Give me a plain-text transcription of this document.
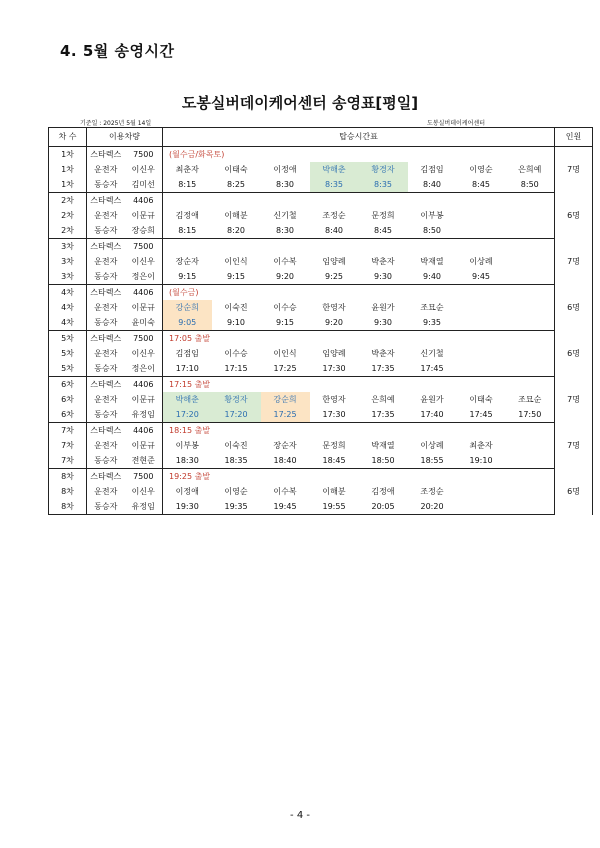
4. 5월 송영시간
도봉실버데이케어센터 송영표[평일]
기준일 : 2025년 5월 14일	도봉실버데이케어센터
차 수	이용차량		탑승시간표								인원
1차	스타렉스	7500	(월수금/화목토)								7명
1차	운전자	이신우	최춘자	이태숙	이정애	박해춘	황경자	김점임	이영순	은희예	
1차	동승자	김미선	8:15	8:25	8:30	8:35	8:35	8:40	8:45	8:50	
2차	스타렉스	4406									6명
2차	운전자	이문규	김정애	이해분	신기철	조정순	문정희	이부봉			
2차	동승자	장승희	8:15	8:20	8:30	8:40	8:45	8:50			
3차	스타렉스	7500									7명
3차	운전자	이신우	장순자	이인식	이수복	임양례	박춘자	박재열	이상례		
3차	동승자	정은이	9:15	9:15	9:20	9:25	9:30	9:40	9:45		
4차	스타렉스	4406	(월수금)								6명
4차	운전자	이문규	강순희	이숙진	이수승	한영자	윤원가	조묘순			
4차	동승자	윤미숙	9:05	9:10	9:15	9:20	9:30	9:35			
5차	스타렉스	7500	17:05 출발								6명
5차	운전자	이신우	김점임	이수승	이인식	임양례	박춘자	신기철			
5차	동승자	정은이	17:10	17:15	17:25	17:30	17:35	17:45			
6차	스타렉스	4406	17:15 출발								7명
6차	운전자	이문규	박해춘	황경자	강순희	한영자	은희예	윤원가	이태숙	조묘순	
6차	동승자	유정임	17:20	17:20	17:25	17:30	17:35	17:40	17:45	17:50	
7차	스타렉스	4406	18:15 출발								7명
7차	운전자	이문규	이부봉	이숙진	장순자	문정희	박재열	이상례	최춘자		
7차	동승자	전현준	18:30	18:35	18:40	18:45	18:50	18:55	19:10		
8차	스타렉스	7500	19:25 출발								6명
8차	운전자	이신우	이정애	이영순	이수복	이해분	김정애	조정순			
8차	동승자	유정임	19:30	19:35	19:45	19:55	20:05	20:20			
- 4 -
